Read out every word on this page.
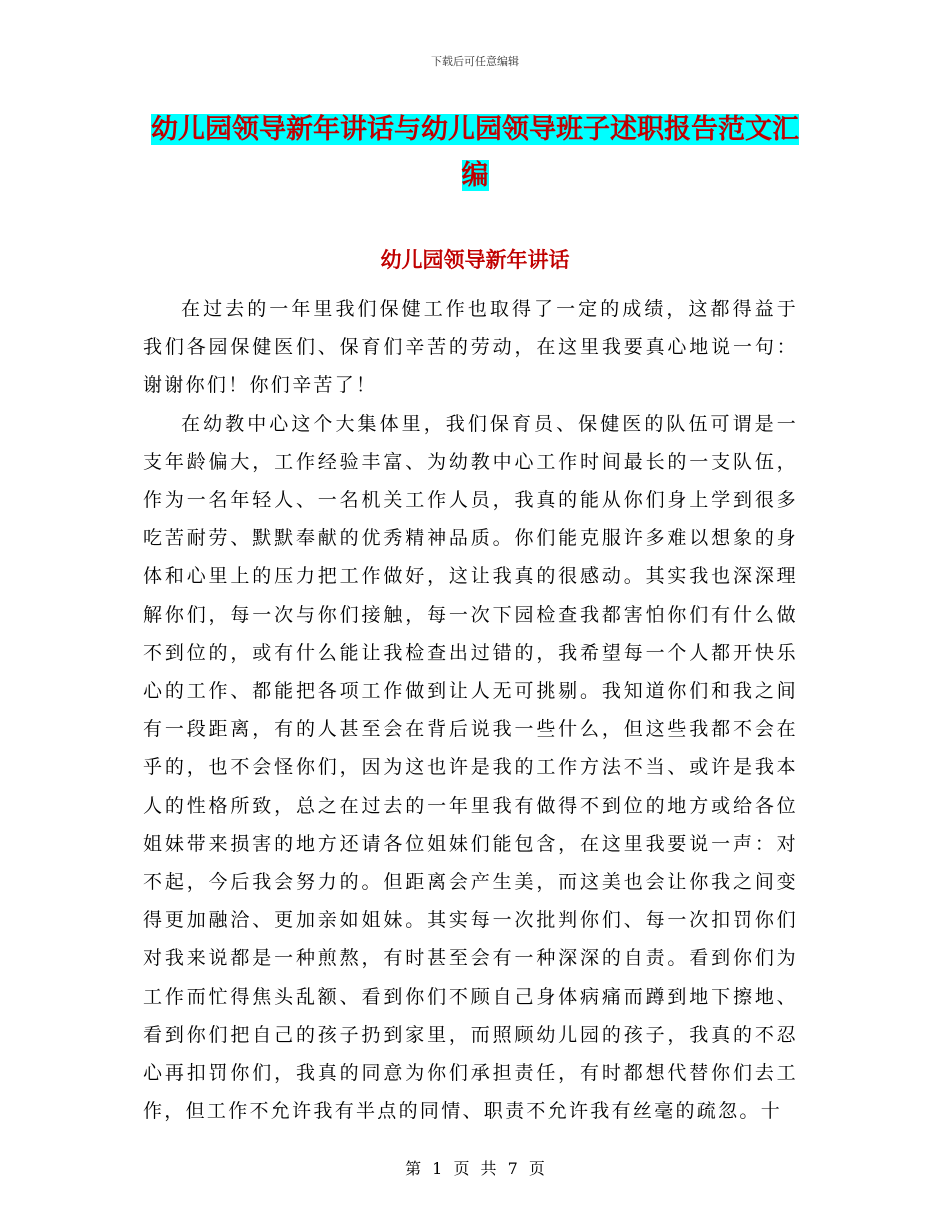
下载后可任意编辑
幼儿园领导新年讲话与幼儿园领导班子述职报告范文汇编
幼儿园领导新年讲话

在过去的一年里我们保健工作也取得了一定的成绩，这都得益于我们各园保健医们、保育们辛苦的劳动，在这里我要真心地说一句：谢谢你们！你们辛苦了！

在幼教中心这个大集体里，我们保育员、保健医的队伍可谓是一支年龄偏大，工作经验丰富、为幼教中心工作时间最长的一支队伍，作为一名年轻人、一名机关工作人员，我真的能从你们身上学到很多吃苦耐劳、默默奉献的优秀精神品质。你们能克服许多难以想象的身体和心里上的压力把工作做好，这让我真的很感动。其实我也深深理解你们，每一次与你们接触，每一次下园检查我都害怕你们有什么做不到位的，或有什么能让我检查出过错的，我希望每一个人都开快乐心的工作、都能把各项工作做到让人无可挑剔。我知道你们和我之间有一段距离，有的人甚至会在背后说我一些什么，但这些我都不会在乎的，也不会怪你们，因为这也许是我的工作方法不当、或许是我本人的性格所致，总之在过去的一年里我有做得不到位的地方或给各位姐妹带来损害的地方还请各位姐妹们能包含，在这里我要说一声：对不起，今后我会努力的。但距离会产生美，而这美也会让你我之间变得更加融洽、更加亲如姐妹。其实每一次批判你们、每一次扣罚你们对我来说都是一种煎熬，有时甚至会有一种深深的自责。看到你们为工作而忙得焦头乱额、看到你们不顾自己身体病痛而蹲到地下擦地、看到你们把自己的孩子扔到家里，而照顾幼儿园的孩子，我真的不忍心再扣罚你们，我真的同意为你们承担责任，有时都想代替你们去工作，但工作不允许我有半点的同情、职责不允许我有丝毫的疏忽。十

第 1 页 共 7 页
